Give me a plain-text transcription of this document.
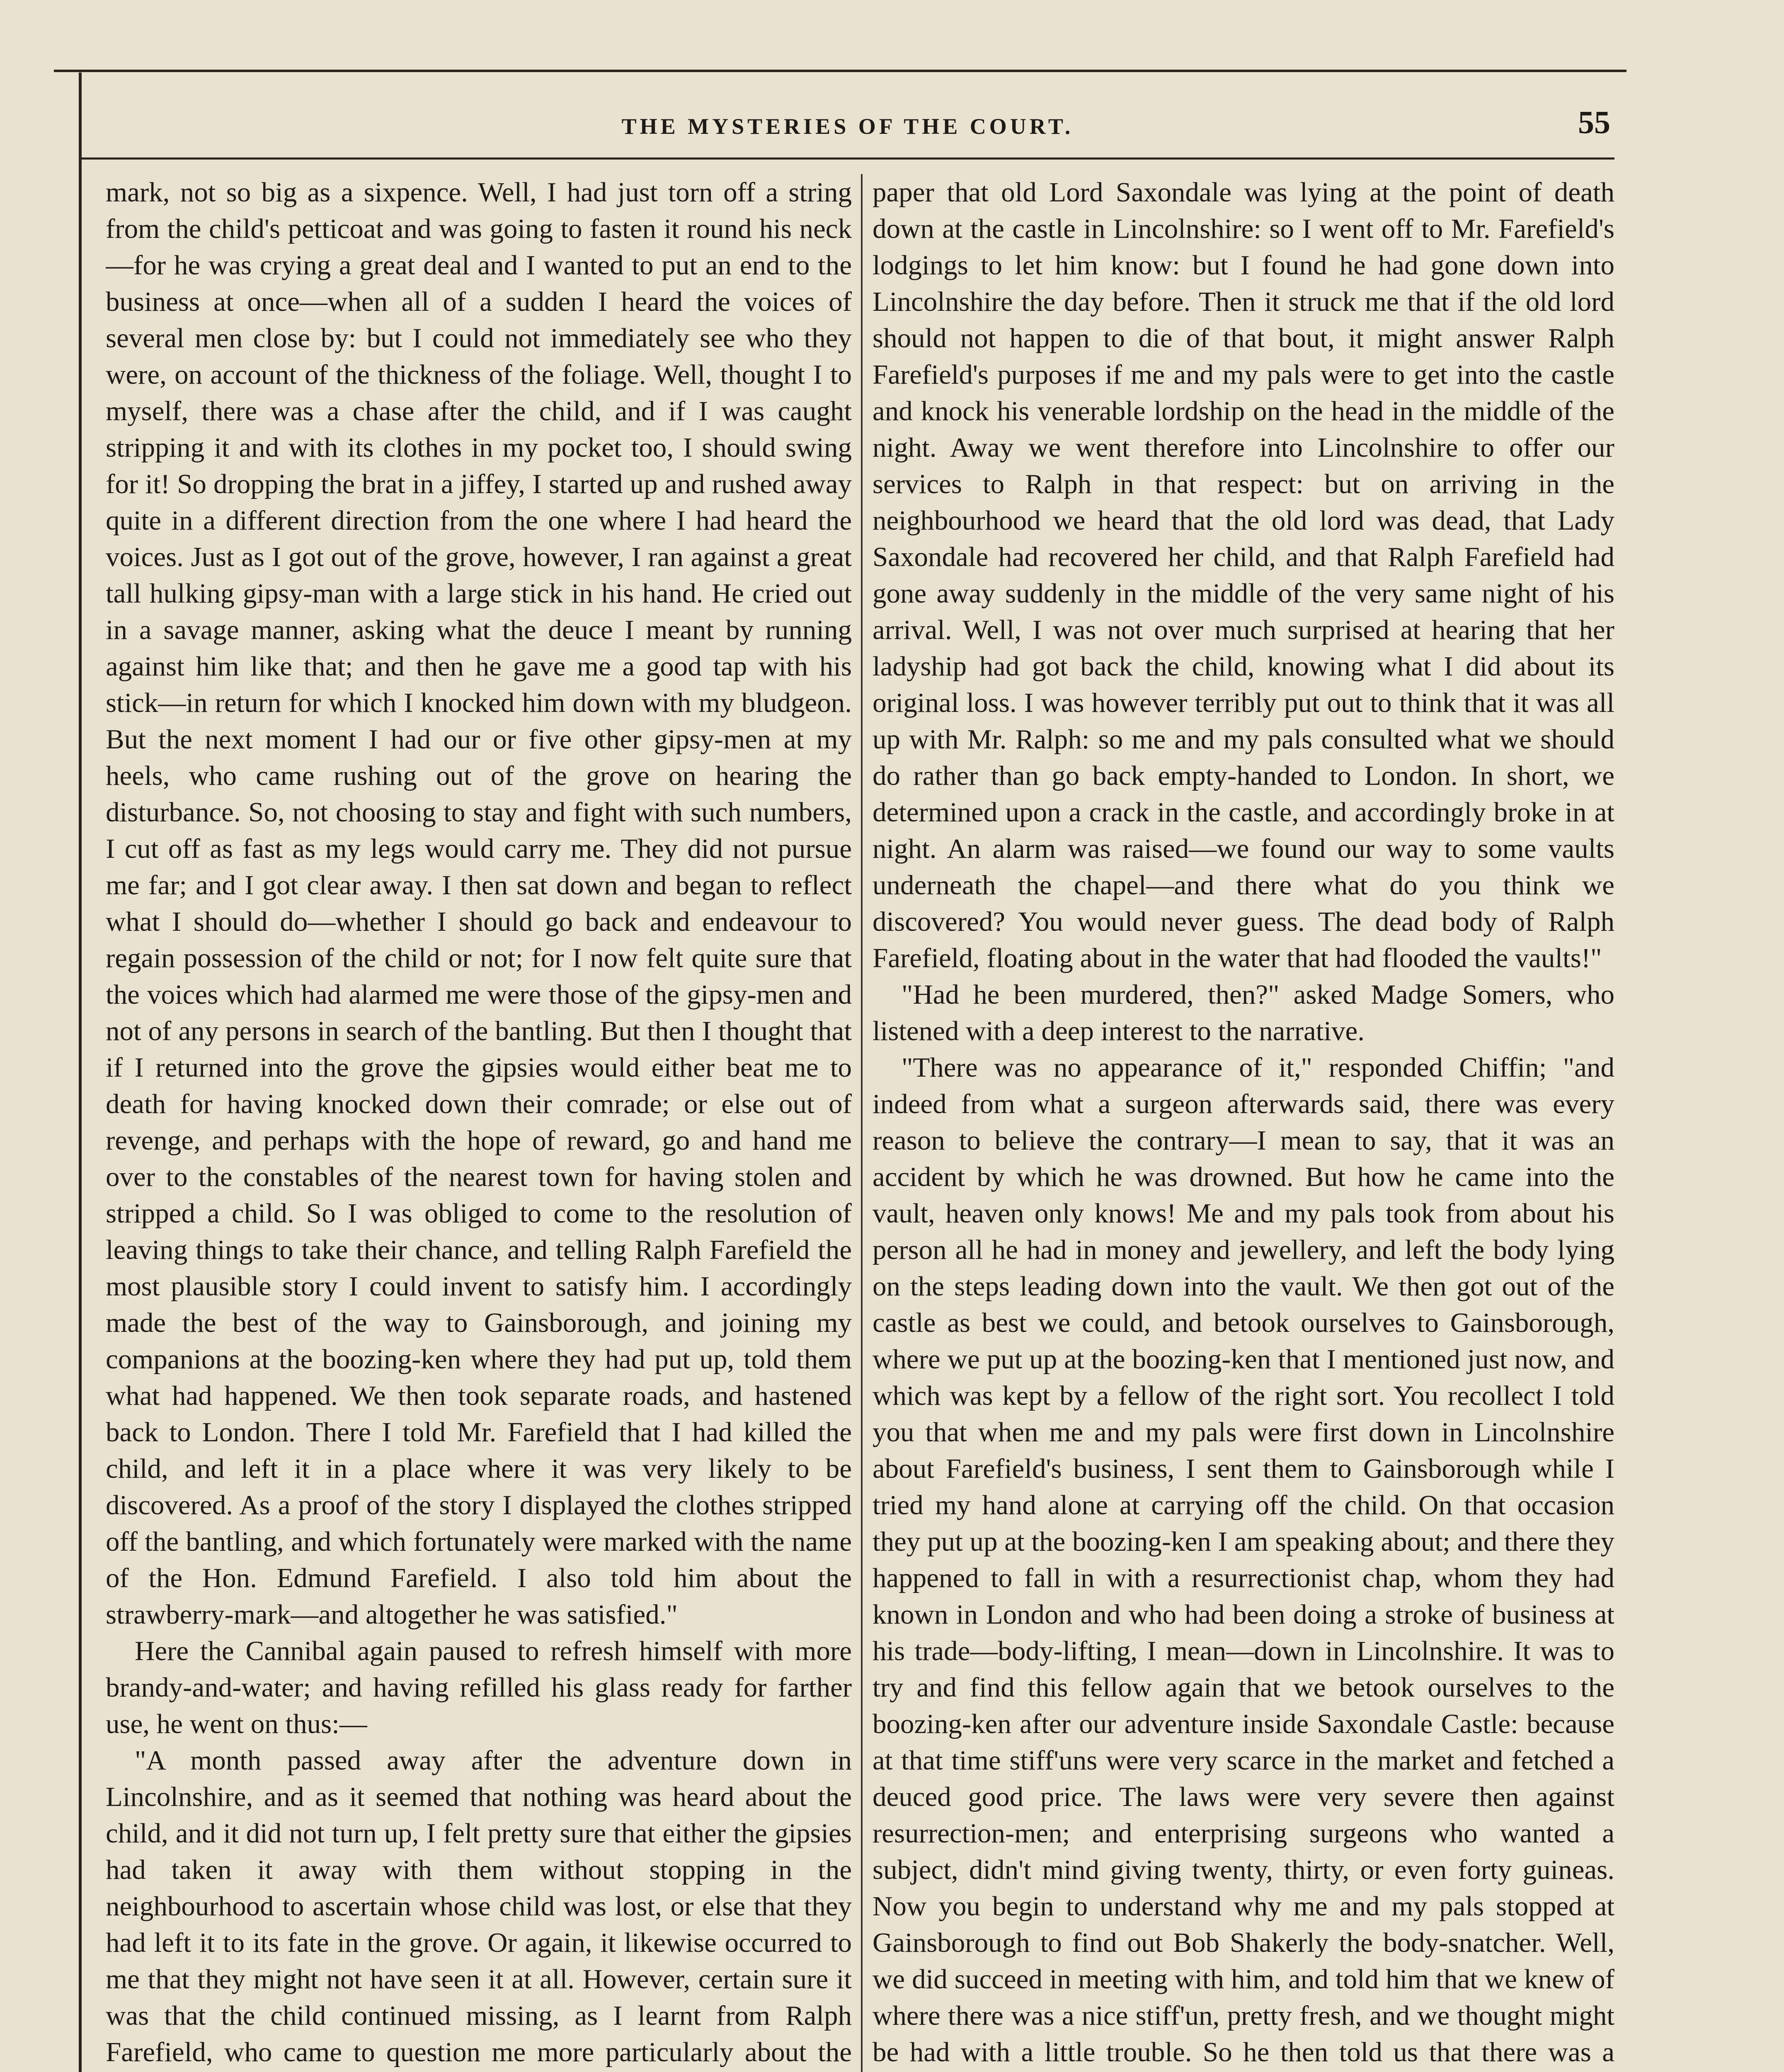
THE MYSTERIES OF THE COURT.	55

mark, not so big as a sixpence. Well, I had just torn off a string from the child's petticoat and was going to fasten it round his neck—for he was crying a great deal and I wanted to put an end to the business at once—when all of a sudden I heard the voices of several men close by: but I could not immediately see who they were, on account of the thickness of the foliage. Well, thought I to myself, there was a chase after the child, and if I was caught stripping it and with its clothes in my pocket too, I should swing for it! So dropping the brat in a jiffey, I started up and rushed away quite in a different direction from the one where I had heard the voices. Just as I got out of the grove, however, I ran against a great tall hulking gipsy-man with a large stick in his hand. He cried out in a savage manner, asking what the deuce I meant by running against him like that; and then he gave me a good tap with his stick—in return for which I knocked him down with my bludgeon. But the next moment I had our or five other gipsy-men at my heels, who came rushing out of the grove on hearing the disturbance. So, not choosing to stay and fight with such numbers, I cut off as fast as my legs would carry me. They did not pursue me far; and I got clear away. I then sat down and began to reflect what I should do—whether I should go back and endeavour to regain possession of the child or not; for I now felt quite sure that the voices which had alarmed me were those of the gipsy-men and not of any persons in search of the bantling. But then I thought that if I returned into the grove the gipsies would either beat me to death for having knocked down their comrade; or else out of revenge, and perhaps with the hope of reward, go and hand me over to the constables of the nearest town for having stolen and stripped a child. So I was obliged to come to the resolution of leaving things to take their chance, and telling Ralph Farefield the most plausible story I could invent to satisfy him. I accordingly made the best of the way to Gainsborough, and joining my companions at the boozing-ken where they had put up, told them what had happened. We then took separate roads, and hastened back to London. There I told Mr. Farefield that I had killed the child, and left it in a place where it was very likely to be discovered. As a proof of the story I displayed the clothes stripped off the bantling, and which fortunately were marked with the name of the Hon. Edmund Farefield. I also told him about the strawberry-mark—and altogether he was satisfied."

Here the Cannibal again paused to refresh himself with more brandy-and-water; and having refilled his glass ready for farther use, he went on thus:—

"A month passed away after the adventure down in Lincolnshire, and as it seemed that nothing was heard about the child, and it did not turn up, I felt pretty sure that either the gipsies had taken it away with them without stopping in the neighbourhood to ascertain whose child was lost, or else that they had left it to its fate in the grove. Or again, it likewise occurred to me that they might not have seen it at all. However, certain sure it was that the child continued missing, as I learnt from Ralph Farefield, who came to question me more particularly about the

paper that old Lord Saxondale was lying at the point of death down at the castle in Lincolnshire: so I went off to Mr. Farefield's lodgings to let him know: but I found he had gone down into Lincolnshire the day before. Then it struck me that if the old lord should not happen to die of that bout, it might answer Ralph Farefield's purposes if me and my pals were to get into the castle and knock his venerable lordship on the head in the middle of the night. Away we went therefore into Lincolnshire to offer our services to Ralph in that respect: but on arriving in the neighbourhood we heard that the old lord was dead, that Lady Saxondale had recovered her child, and that Ralph Farefield had gone away suddenly in the middle of the very same night of his arrival. Well, I was not over much surprised at hearing that her ladyship had got back the child, knowing what I did about its original loss. I was however terribly put out to think that it was all up with Mr. Ralph: so me and my pals consulted what we should do rather than go back empty-handed to London. In short, we determined upon a crack in the castle, and accordingly broke in at night. An alarm was raised—we found our way to some vaults underneath the chapel—and there what do you think we discovered? You would never guess. The dead body of Ralph Farefield, floating about in the water that had flooded the vaults!"

"Had he been murdered, then?" asked Madge Somers, who listened with a deep interest to the narrative.

"There was no appearance of it," responded Chiffin; "and indeed from what a surgeon afterwards said, there was every reason to believe the contrary—I mean to say, that it was an accident by which he was drowned. But how he came into the vault, heaven only knows! Me and my pals took from about his person all he had in money and jewellery, and left the body lying on the steps leading down into the vault. We then got out of the castle as best we could, and betook ourselves to Gainsborough, where we put up at the boozing-ken that I mentioned just now, and which was kept by a fellow of the right sort. You recollect I told you that when me and my pals were first down in Lincolnshire about Farefield's business, I sent them to Gainsborough while I tried my hand alone at carrying off the child. On that occasion they put up at the boozing-ken I am speaking about; and there they happened to fall in with a resurrectionist chap, whom they had known in London and who had been doing a stroke of business at his trade—body-lifting, I mean—down in Lincolnshire. It was to try and find this fellow again that we betook ourselves to the boozing-ken after our adventure inside Saxondale Castle: because at that time stiff'uns were very scarce in the market and fetched a deuced good price. The laws were very severe then against resurrection-men; and enterprising surgeons who wanted a subject, didn't mind giving twenty, thirty, or even forty guineas. Now you begin to understand why me and my pals stopped at Gainsborough to find out Bob Shakerly the body-snatcher. Well, we did succeed in meeting with him, and told him that we knew of where there was a nice stiff'un, pretty fresh, and we thought might be had with a little trouble. So he then told us that there was a
